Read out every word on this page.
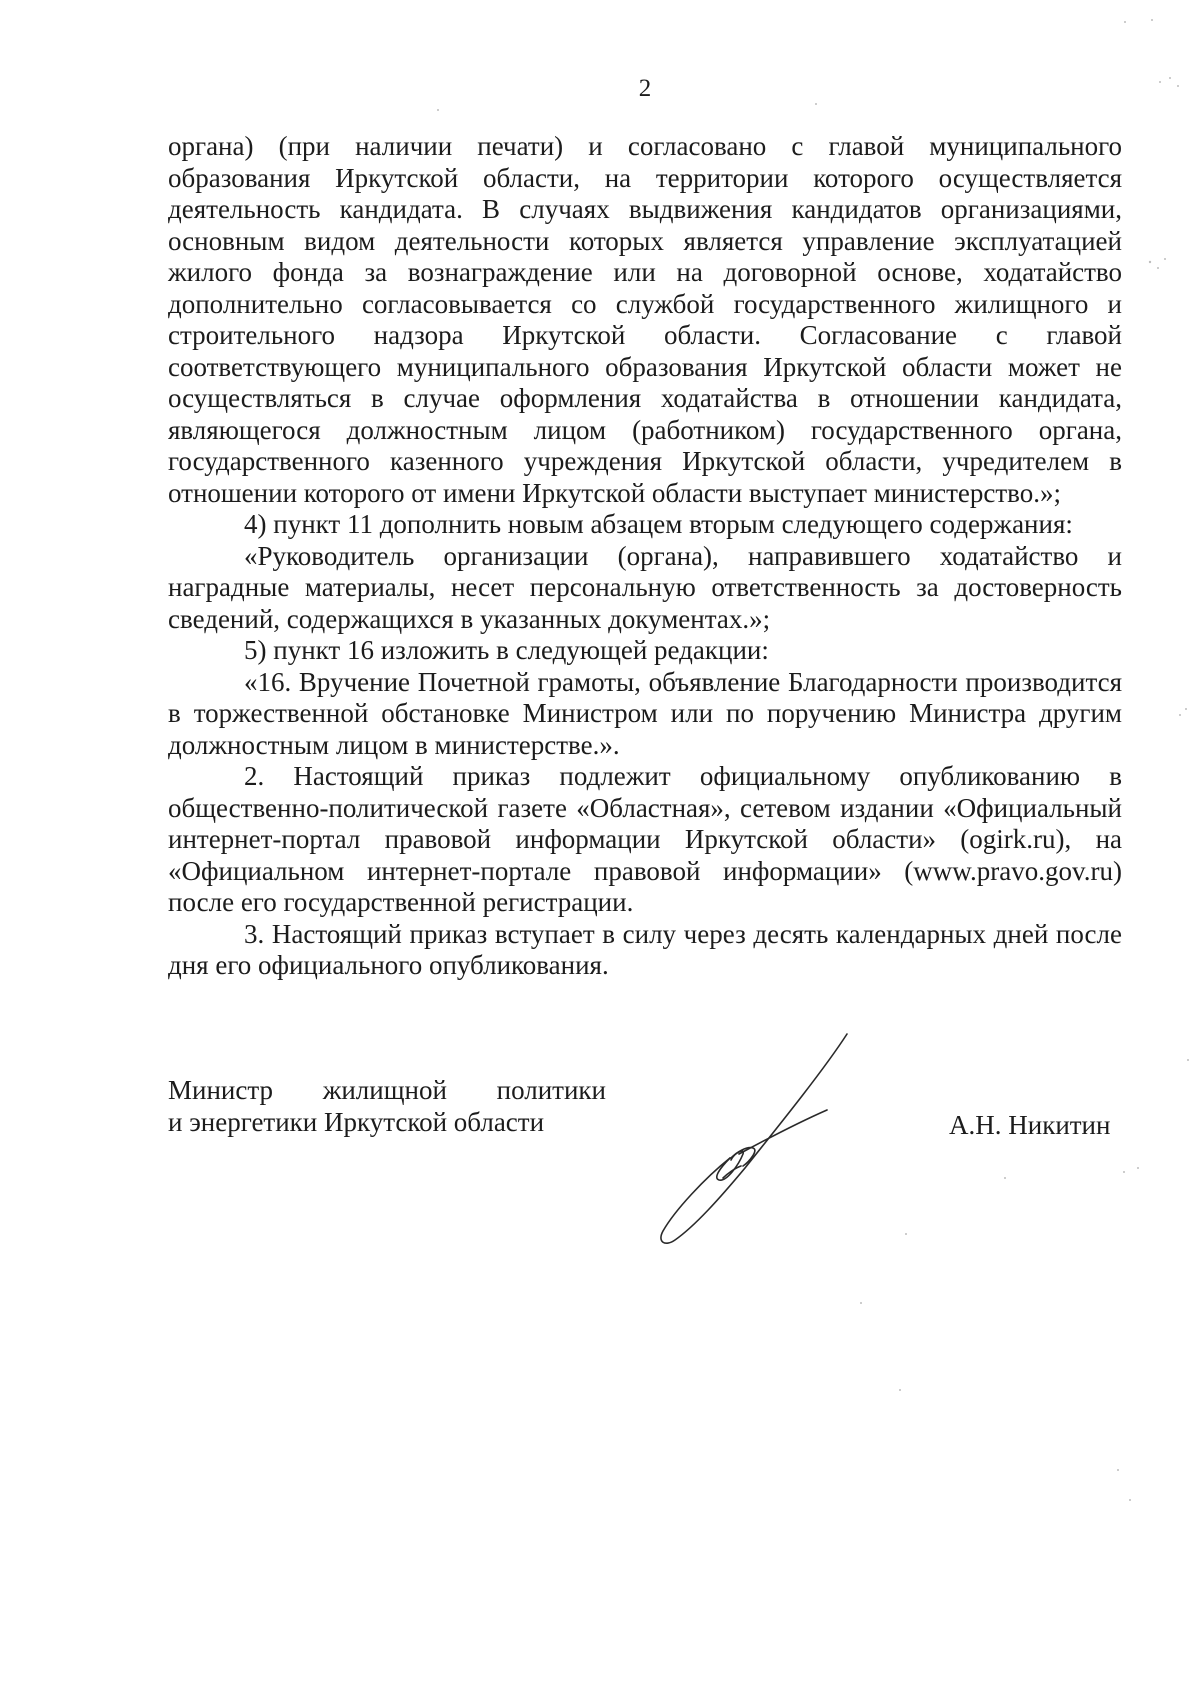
2

органа) (при наличии печати) и согласовано с главой муниципального образования Иркутской области, на территории которого осуществляется деятельность кандидата. В случаях выдвижения кандидатов организациями, основным видом деятельности которых является управление эксплуатацией жилого фонда за вознаграждение или на договорной основе, ходатайство дополнительно согласовывается со службой государственного жилищного и строительного надзора Иркутской области. Согласование с главой соответствующего муниципального образования Иркутской области может не осуществляться в случае оформления ходатайства в отношении кандидата, являющегося должностным лицом (работником) государственного органа, государственного казенного учреждения Иркутской области, учредителем в отношении которого от имени Иркутской области выступает министерство.»;

4) пункт 11 дополнить новым абзацем вторым следующего содержания:

«Руководитель организации (органа), направившего ходатайство и наградные материалы, несет персональную ответственность за достоверность сведений, содержащихся в указанных документах.»;

5) пункт 16 изложить в следующей редакции:

«16. Вручение Почетной грамоты, объявление Благодарности производится в торжественной обстановке Министром или по поручению Министра другим должностным лицом в министерстве.».

2. Настоящий приказ подлежит официальному опубликованию в общественно-политической газете «Областная», сетевом издании «Официальный интернет-портал правовой информации Иркутской области» (ogirk.ru), на «Официальном интернет-портале правовой информации» (www.pravo.gov.ru) после его государственной регистрации.

3. Настоящий приказ вступает в силу через десять календарных дней после дня его официального опубликования.

Министр жилищной политики
и энергетики Иркутской области	А.Н. Никитин
